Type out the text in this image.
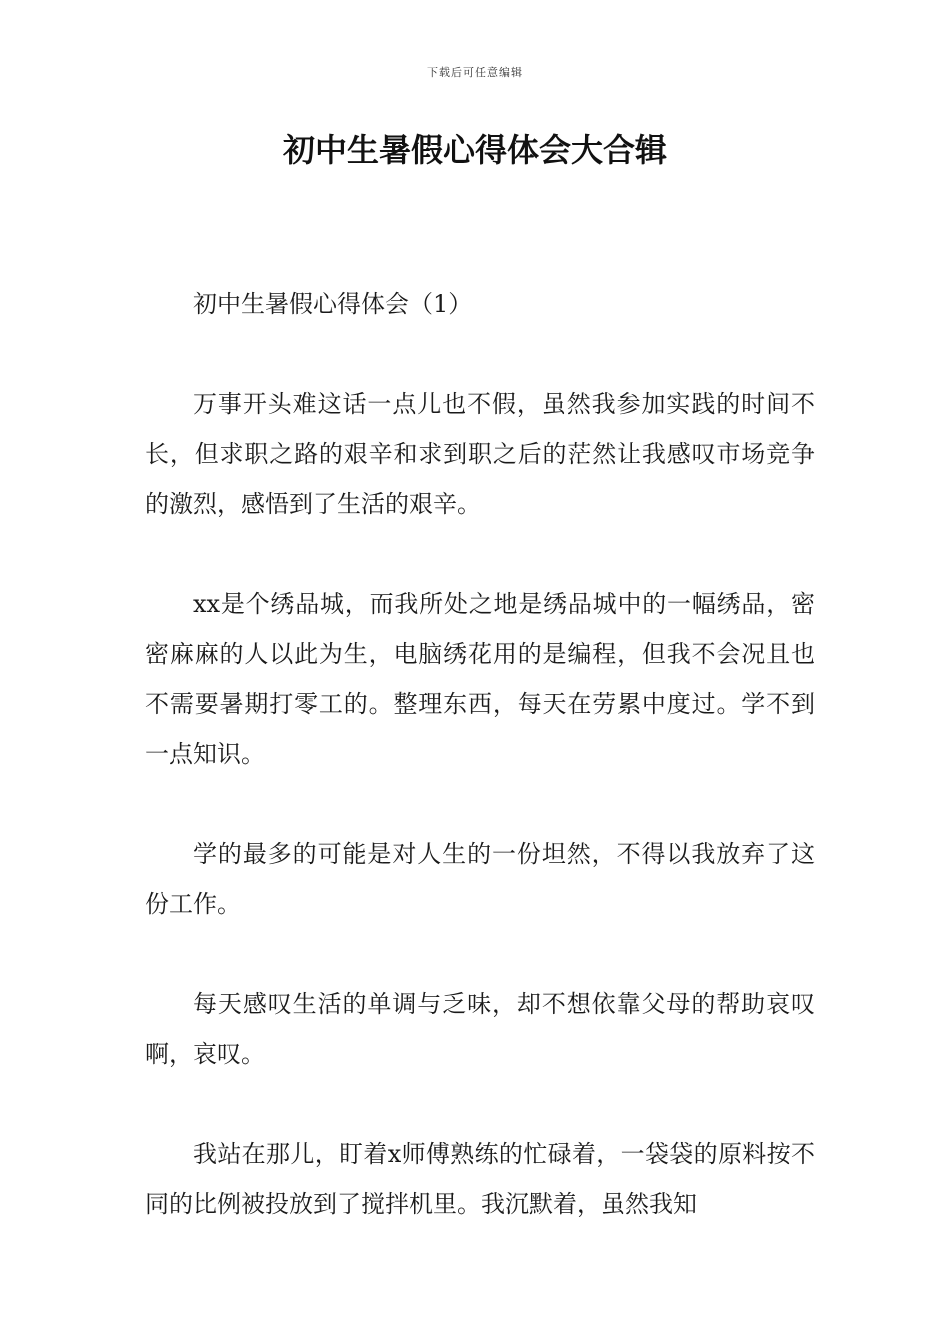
下载后可任意编辑
初中生暑假心得体会大合辑

初中生暑假心得体会（1）

万事开头难这话一点儿也不假，虽然我参加实践的时间不长，但求职之路的艰辛和求到职之后的茫然让我感叹市场竞争的激烈，感悟到了生活的艰辛。

xx是个绣品城，而我所处之地是绣品城中的一幅绣品，密密麻麻的人以此为生，电脑绣花用的是编程，但我不会况且也不需要暑期打零工的。整理东西，每天在劳累中度过。学不到一点知识。

学的最多的可能是对人生的一份坦然，不得以我放弃了这份工作。

每天感叹生活的单调与乏味，却不想依靠父母的帮助哀叹啊，哀叹。

我站在那儿，盯着x师傅熟练的忙碌着，一袋袋的原料按不同的比例被投放到了搅拌机里。我沉默着，虽然我知
